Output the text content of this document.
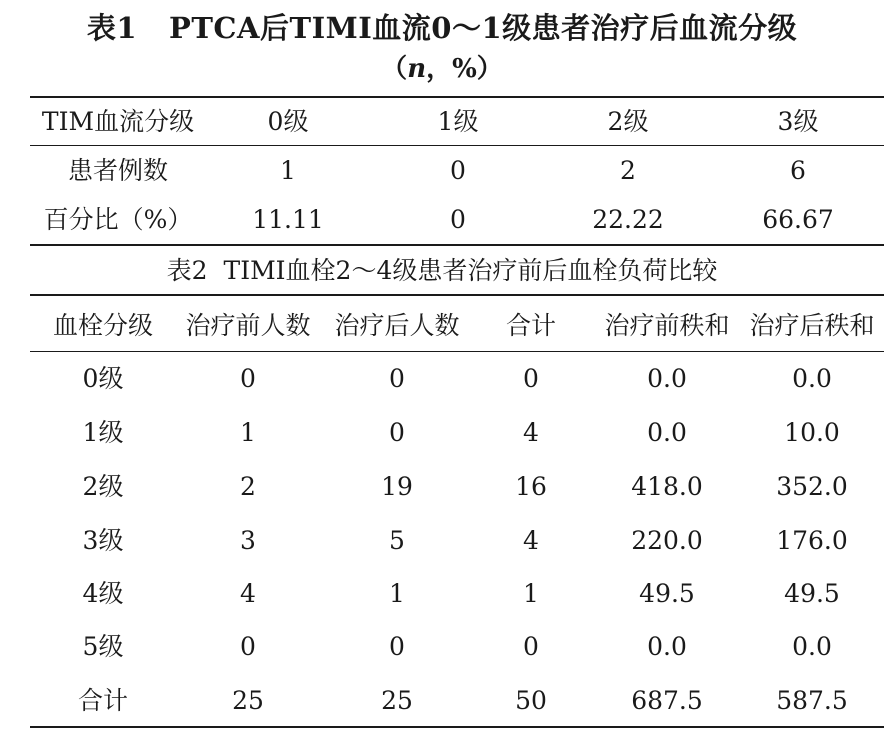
表1 PTCA后TIMI血流0～1级患者治疗后血流分级
（n，%）
TIM血流分级	0级	1级	2级	3级
患者例数	1	0	2	6
百分比（%） 11.11	0	22.22	66.67
表2 TIMI血栓2～4级患者治疗前后血栓负荷比较
血栓分级 治疗前人数 治疗后人数 合计 治疗前秩和 治疗后秩和
0级	0	0	0	0.0	0.0
1级	1	0	4	0.0	10.0
2级	2	19	16	418.0	352.0
3级	3	5	4	220.0	176.0
4级	4	1	1	49.5	49.5
5级	0	0	0	0.0	0.0
合计	25	25	50	687.5	587.5
